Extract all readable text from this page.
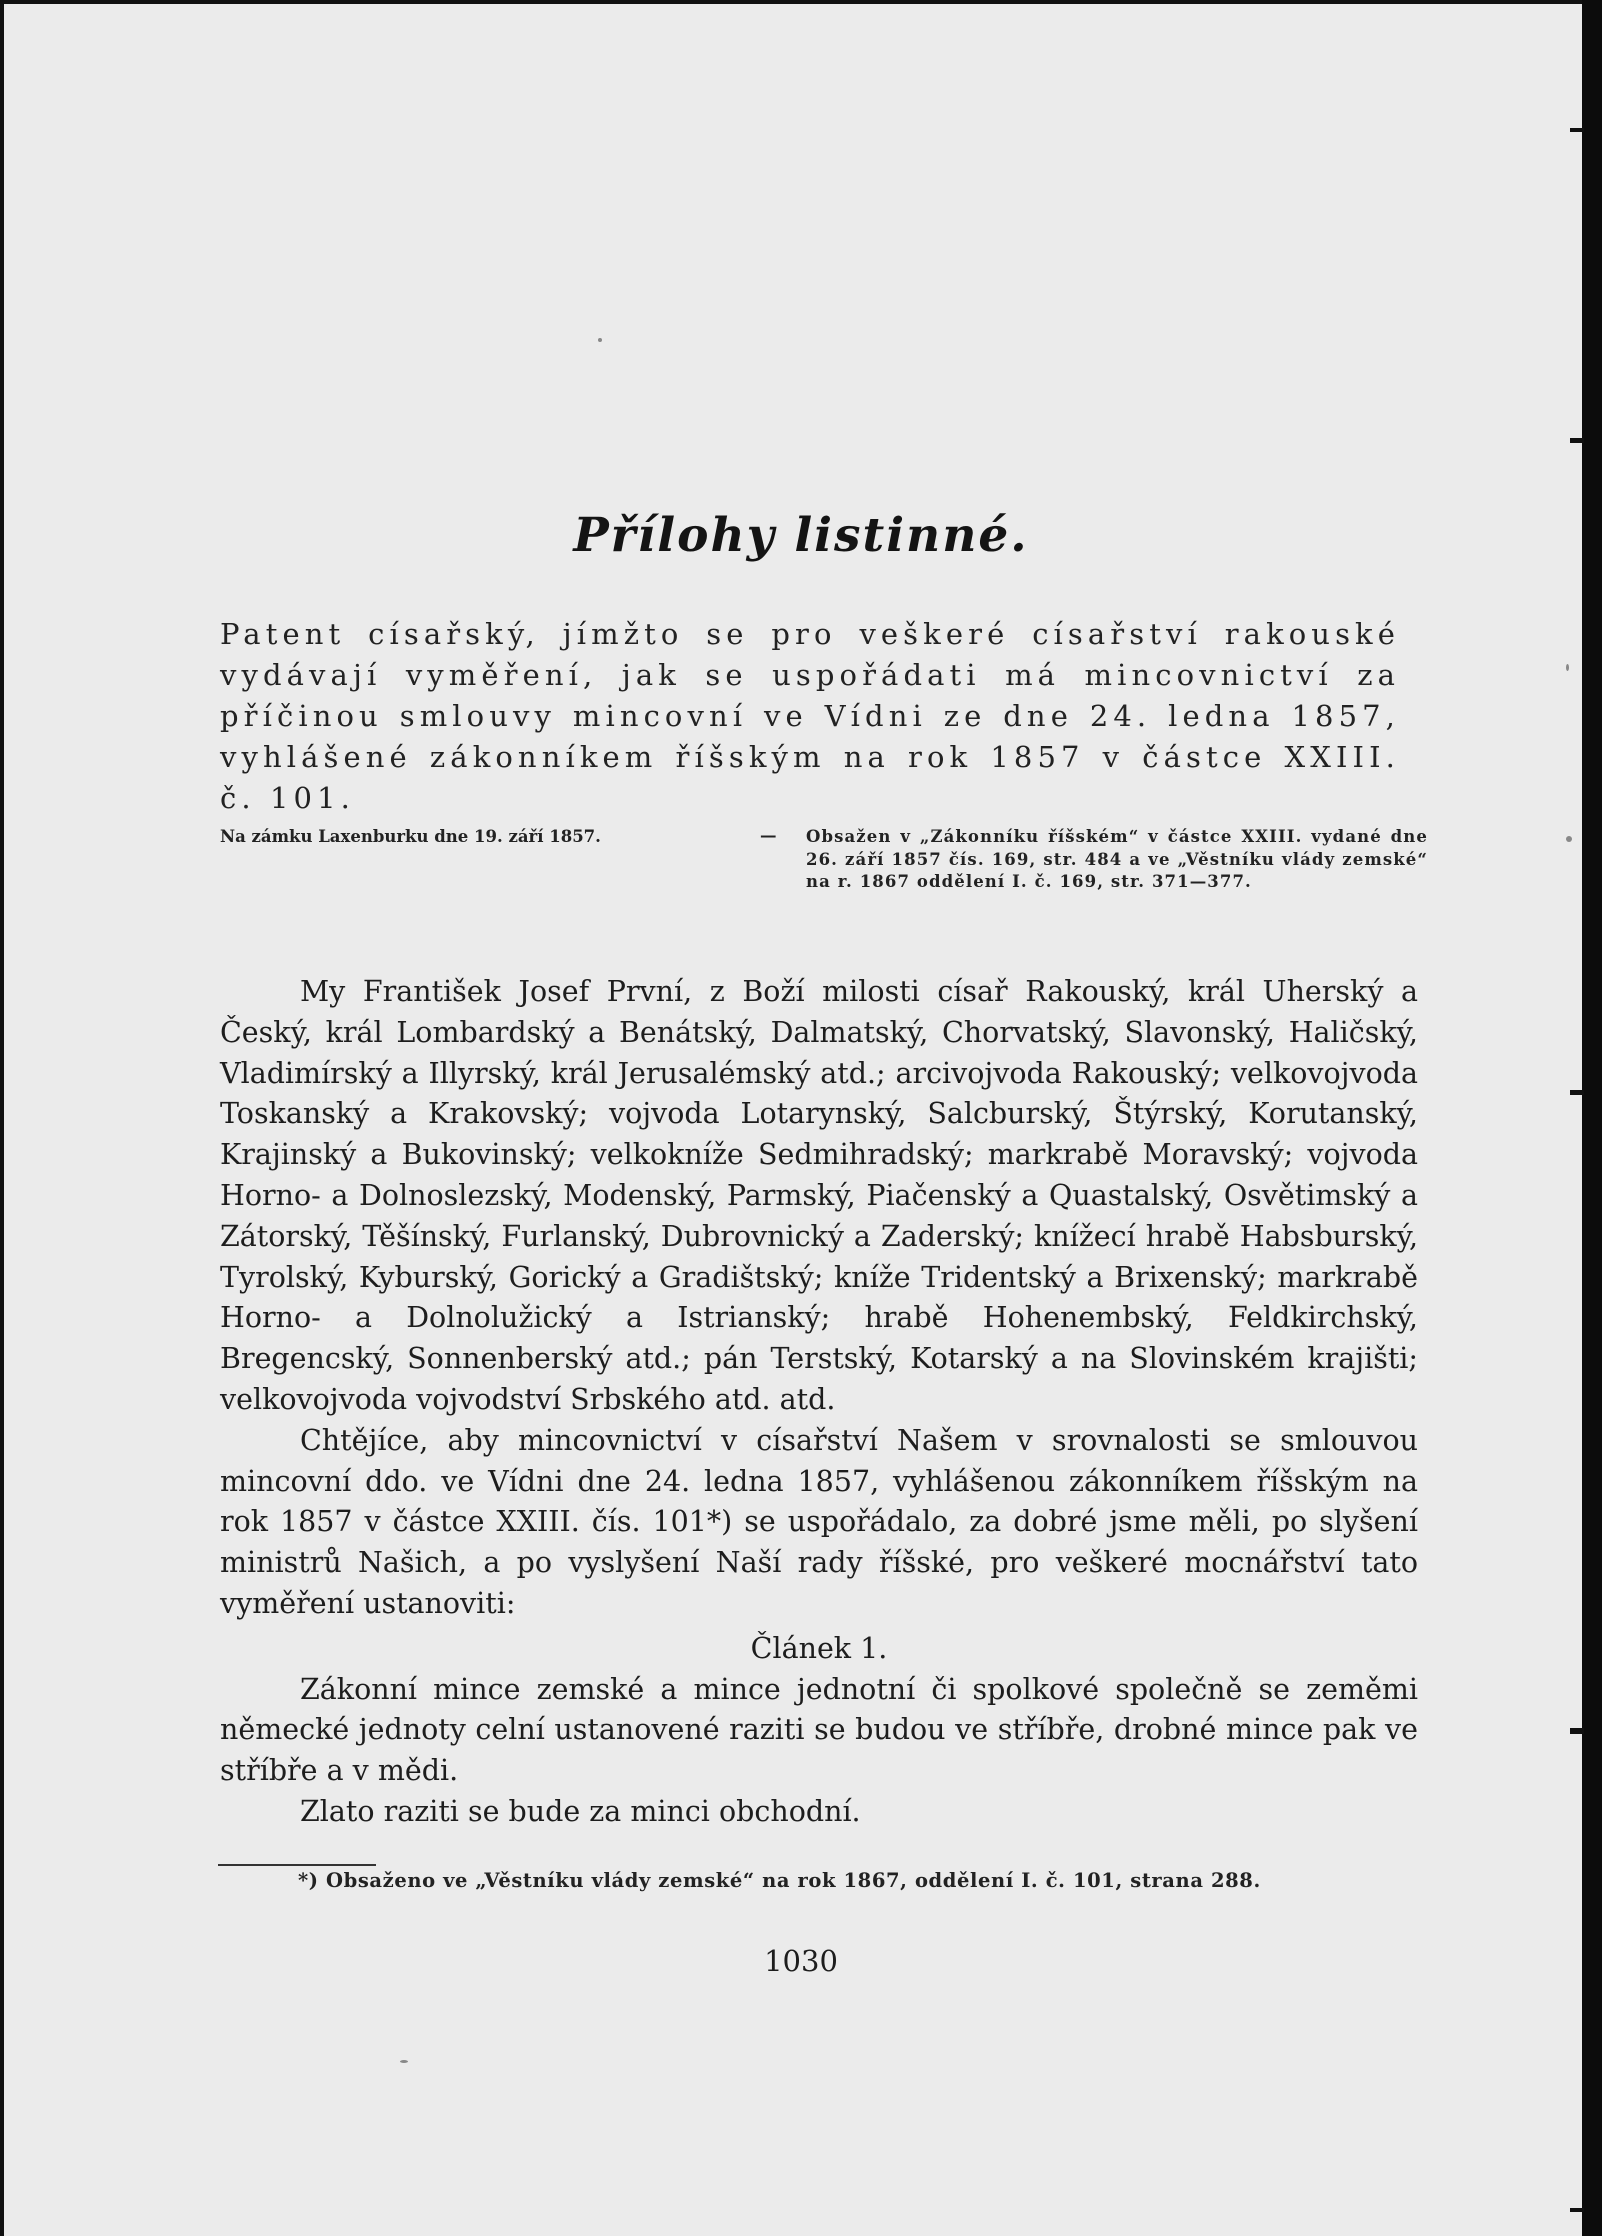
Přílohy listinné.
Patent císařský, jímžto se pro veškeré císařství rakouské vydávají vyměření, jak se uspořádati má mincovnictví za příčinou smlouvy mincovní ve Vídni ze dne 24. ledna 1857, vyhlášené zákonníkem říšským na rok 1857 v částce XXIII. č. 101.
Na zámku Laxenburku dne 19. září 1857.	— Obsažen v „Zákonníku říšském“ v částce XXIII. vydané dne 26. září 1857 čís. 169, str. 484 a ve „Věstníku vlády zemské“ na r. 1867 oddělení I. č. 169, str. 371—377.

My František Josef První, z Boží milosti císař Rakouský, král Uherský a Český, král Lombardský a Benátský, Dalmatský, Chorvatský, Slavonský, Haličský, Vladimírský a Illyrský, král Jerusalémský atd.; arcivojvoda Rakouský; velkovojvoda Toskanský a Krakovský; vojvoda Lotarynský, Salcburský, Štýrský, Korutanský, Krajinský a Bukovinský; velkokníže Sedmihradský; markrabě Moravský; vojvoda Horno- a Dolnoslezský, Modenský, Parmský, Piačenský a Quastalský, Osvětimský a Zátorský, Těšínský, Furlanský, Dubrovnický a Zaderský; knížecí hrabě Habsburský, Tyrolský, Kyburský, Gorický a Gradištský; kníže Tridentský a Brixenský; markrabě Horno- a Dolnolužický a Istrianský; hrabě Hohenembský, Feldkirchský, Bregencský, Sonnenberský atd.; pán Terstský, Kotarský a na Slovinském krajišti; velkovojvoda vojvodství Srbského atd. atd.

Chtějíce, aby mincovnictví v císařství Našem v srovnalosti se smlouvou mincovní ddo. ve Vídni dne 24. ledna 1857, vyhlášenou zákonníkem říšským na rok 1857 v částce XXIII. čís. 101*) se uspořádalo, za dobré jsme měli, po slyšení ministrů Našich, a po vyslyšení Naší rady říšské, pro veškeré mocnářství tato vyměření ustanoviti:

Článek 1.

Zákonní mince zemské a mince jednotní či spolkové společně se zeměmi německé jednoty celní ustanovené raziti se budou ve stříbře, drobné mince pak ve stříbře a v mědi.

Zlato raziti se bude za minci obchodní.

*) Obsaženo ve „Věstníku vlády zemské“ na rok 1867, oddělení I. č. 101, strana 288.
1030
